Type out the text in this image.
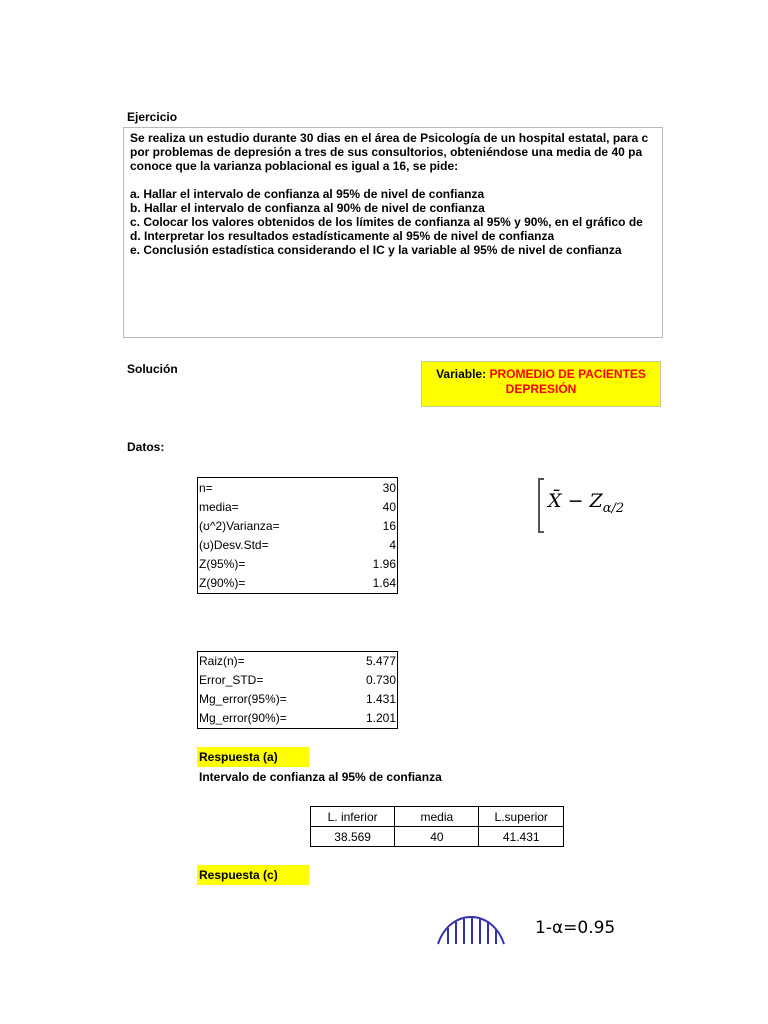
Ejercicio
Se realiza un estudio durante 30 dias en el área de Psicología de un hospital estatal, para c
por problemas de depresión a tres de sus consultorios, obteniéndose una media de 40 pa
conoce que la varianza poblacional es igual a 16, se pide:
a. Hallar el intervalo de confianza al 95% de nivel de confianza
b. Hallar el intervalo de confianza al 90% de nivel de confianza
c. Colocar los valores obtenidos de los límites de confianza al 95% y 90%, en el gráfico de
d. Interpretar los resultados estadísticamente al 95% de nivel de confianza
e. Conclusión estadística considerando el IC y la variable al 95% de nivel de confianza
Solución	Variable: PROMEDIO DE PACIENTES
DEPRESIÓN
Datos:
n=	30
media=	40
(ʊ^2)Varianza=	16
(ʊ)Desv.Std=	4
Z(95%)=	1.96
Z(90%)=	1.64
Raiz(n)=	5.477
Error_STD=	0.730
Mg_error(95%)=	1.431
Mg_error(90%)=	1.201
Respuesta (a)
Intervalo de confianza al 95% de confianza
L. inferior	media	L.superior
38.569	40	41.431
Respuesta (c)
X̄ − $Z_{\alpha/2}$
1-α=0.95
